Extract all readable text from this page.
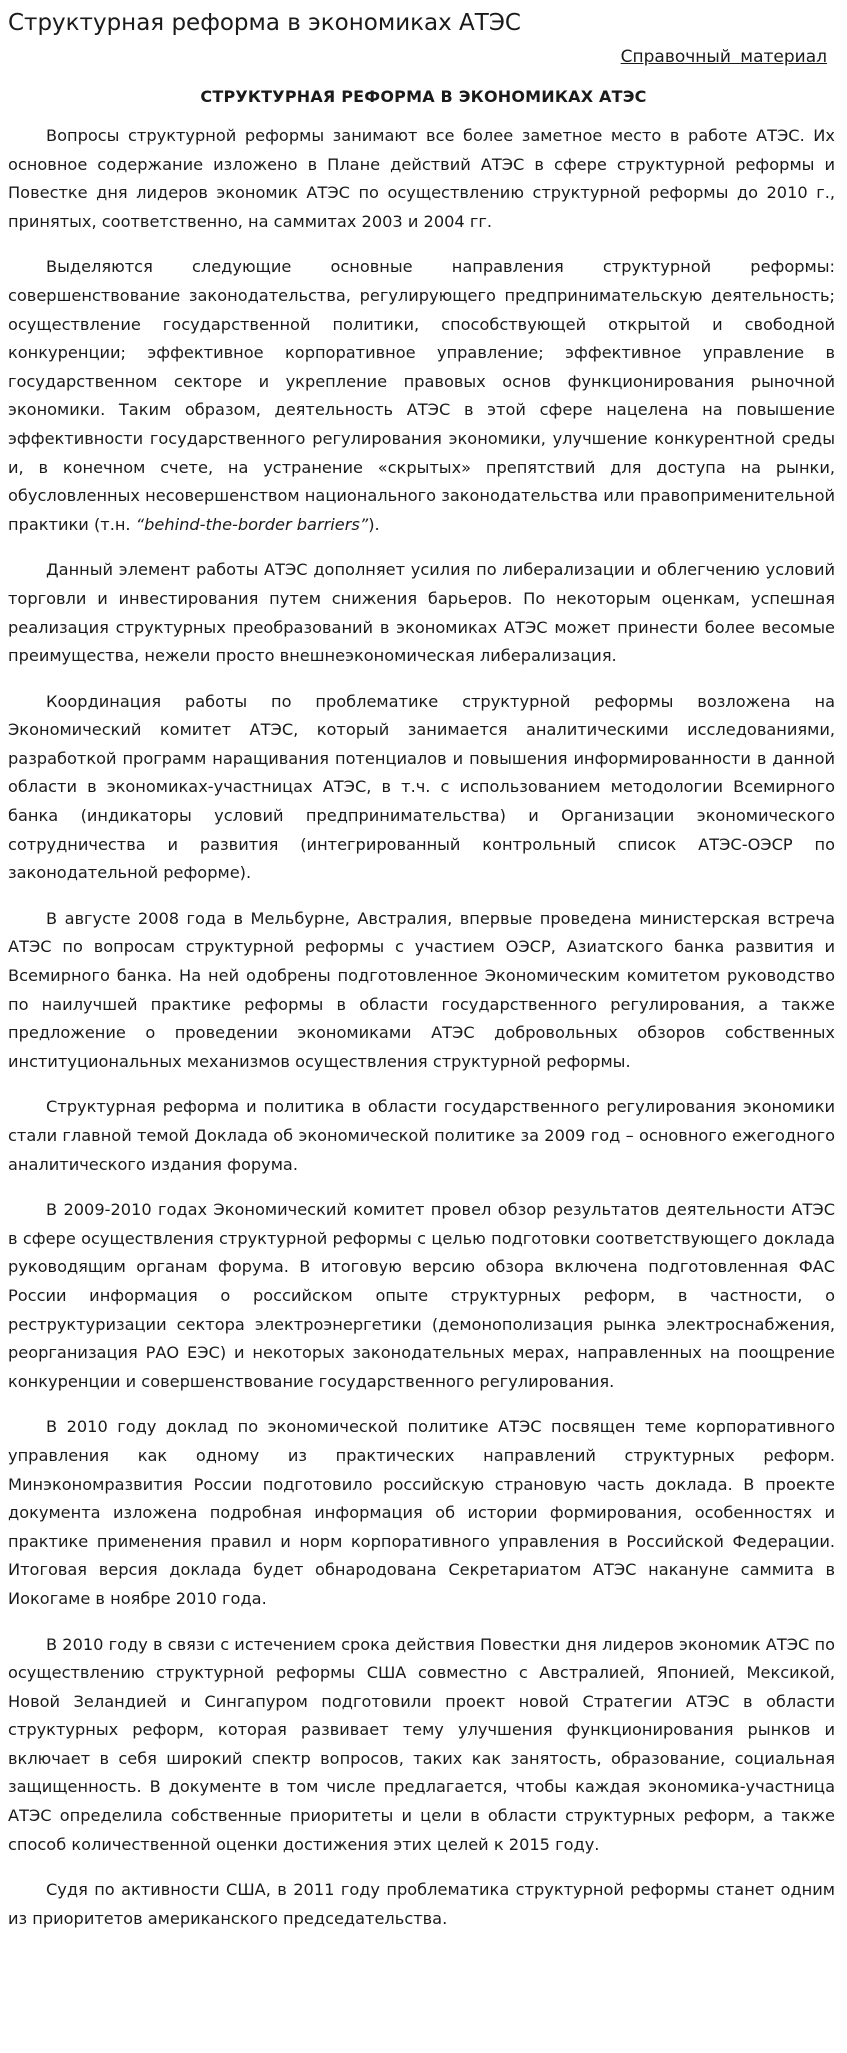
Структурная реформа в экономиках АТЭС
Справочный материал
СТРУКТУРНАЯ РЕФОРМА В ЭКОНОМИКАХ АТЭС

Вопросы структурной реформы занимают все более заметное место в работе АТЭС. Их основное содержание изложено в Плане действий АТЭС в сфере структурной реформы и Повестке дня лидеров экономик АТЭС по осуществлению структурной реформы до 2010 г., принятых, соответственно, на саммитах 2003 и 2004 гг.

Выделяются следующие основные направления структурной реформы: совершенствование законодательства, регулирующего предпринимательскую деятельность; осуществление государственной политики, способствующей открытой и свободной конкуренции; эффективное корпоративное управление; эффективное управление в государственном секторе и укрепление правовых основ функционирования рыночной экономики. Таким образом, деятельность АТЭС в этой сфере нацелена на повышение эффективности государственного регулирования экономики, улучшение конкурентной среды и, в конечном счете, на устранение «скрытых» препятствий для доступа на рынки, обусловленных несовершенством национального законодательства или правоприменительной практики (т.н. “behind-the-border barriers”).

Данный элемент работы АТЭС дополняет усилия по либерализации и облегчению условий торговли и инвестирования путем снижения барьеров. По некоторым оценкам, успешная реализация структурных преобразований в экономиках АТЭС может принести более весомые преимущества, нежели просто внешнеэкономическая либерализация.

Координация работы по проблематике структурной реформы возложена на Экономический комитет АТЭС, который занимается аналитическими исследованиями, разработкой программ наращивания потенциалов и повышения информированности в данной области в экономиках-участницах АТЭС, в т.ч. с использованием методологии Всемирного банка (индикаторы условий предпринимательства) и Организации экономического сотрудничества и развития (интегрированный контрольный список АТЭС-ОЭСР по законодательной реформе).

В августе 2008 года в Мельбурне, Австралия, впервые проведена министерская встреча АТЭС по вопросам структурной реформы с участием ОЭСР, Азиатского банка развития и Всемирного банка. На ней одобрены подготовленное Экономическим комитетом руководство по наилучшей практике реформы в области государственного регулирования, а также предложение о проведении экономиками АТЭС добровольных обзоров собственных институциональных механизмов осуществления структурной реформы.

Структурная реформа и политика в области государственного регулирования экономики стали главной темой Доклада об экономической политике за 2009 год – основного ежегодного аналитического издания форума.

В 2009-2010 годах Экономический комитет провел обзор результатов деятельности АТЭС в сфере осуществления структурной реформы с целью подготовки соответствующего доклада руководящим органам форума. В итоговую версию обзора включена подготовленная ФАС России информация о российском опыте структурных реформ, в частности, о реструктуризации сектора электроэнергетики (демонополизация рынка электроснабжения, реорганизация РАО ЕЭС) и некоторых законодательных мерах, направленных на поощрение конкуренции и совершенствование государственного регулирования.

В 2010 году доклад по экономической политике АТЭС посвящен теме корпоративного управления как одному из практических направлений структурных реформ. Минэкономразвития России подготовило российскую страновую часть доклада. В проекте документа изложена подробная информация об истории формирования, особенностях и практике применения правил и норм корпоративного управления в Российской Федерации. Итоговая версия доклада будет обнародована Секретариатом АТЭС накануне саммита в Иокогаме в ноябре 2010 года.

В 2010 году в связи с истечением срока действия Повестки дня лидеров экономик АТЭС по осуществлению структурной реформы США совместно с Австралией, Японией, Мексикой, Новой Зеландией и Сингапуром подготовили проект новой Стратегии АТЭС в области структурных реформ, которая развивает тему улучшения функционирования рынков и включает в себя широкий спектр вопросов, таких как занятость, образование, социальная защищенность. В документе в том числе предлагается, чтобы каждая экономика-участница АТЭС определила собственные приоритеты и цели в области структурных реформ, а также способ количественной оценки достижения этих целей к 2015 году.

Судя по активности США, в 2011 году проблематика структурной реформы станет одним из приоритетов американского председательства.
